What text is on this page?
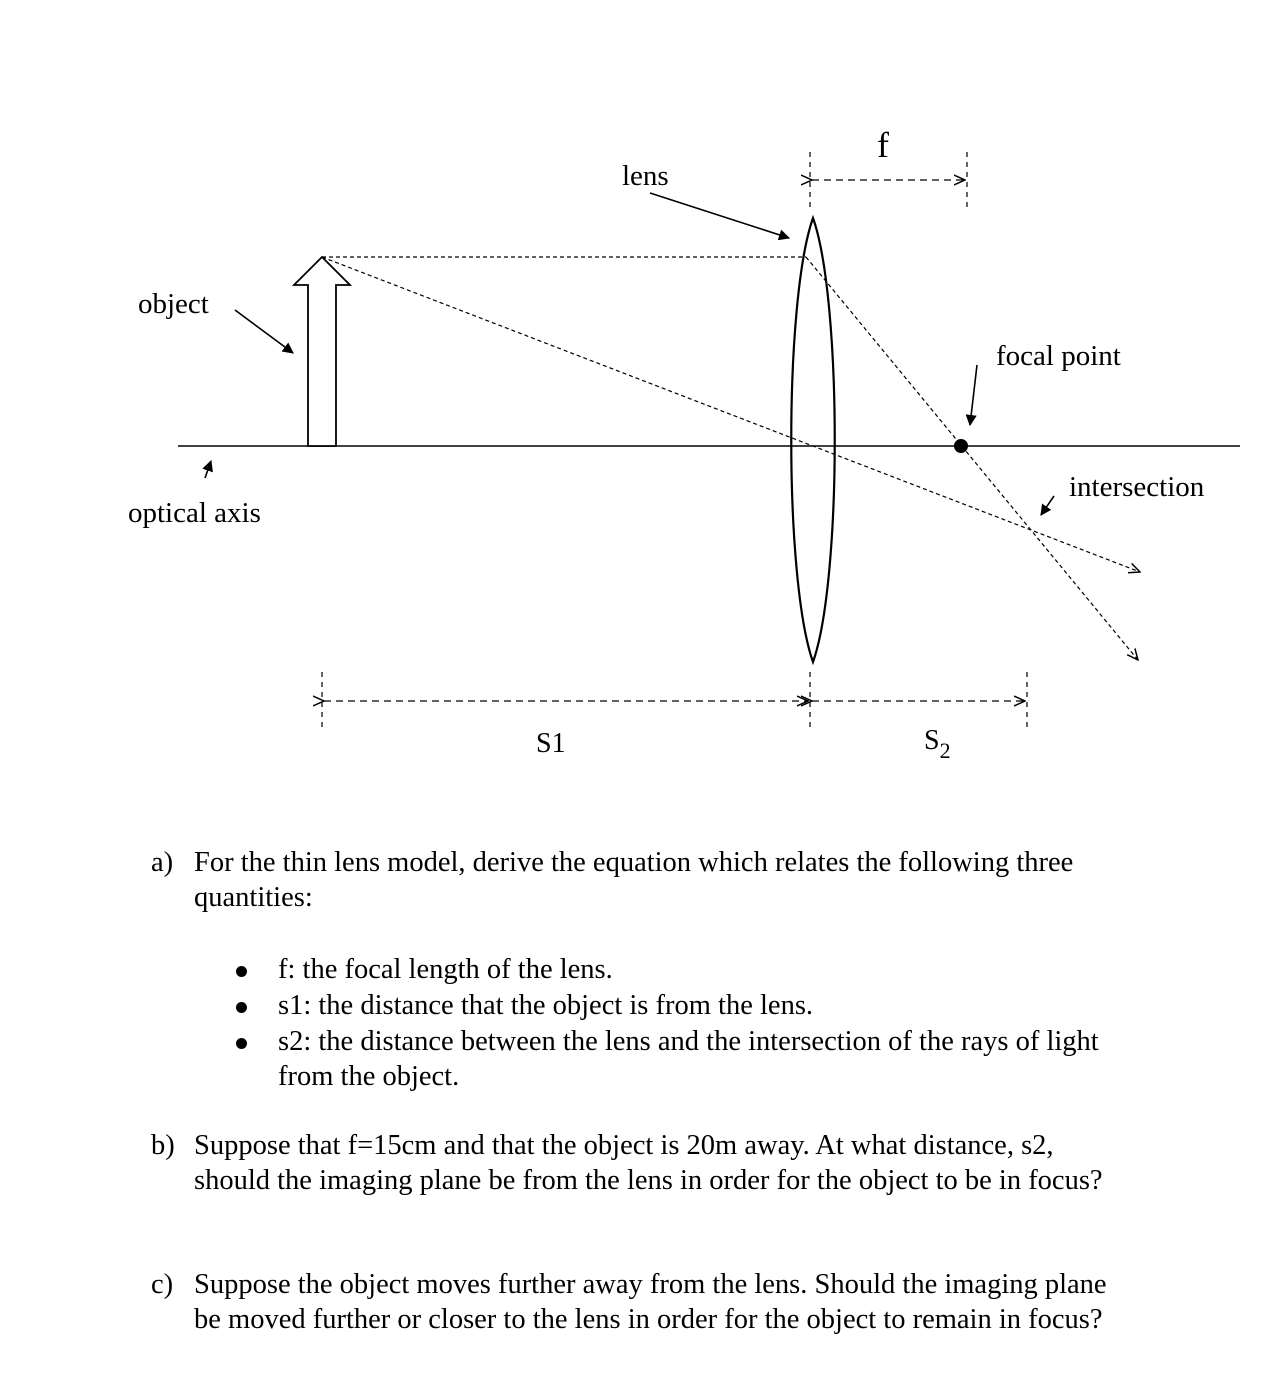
lens
f
object
focal point
optical axis
intersection
S1	$S_2$
a) For the thin lens model, derive the equation which relates the following three quantities:
f: the focal length of the lens.
s1: the distance that the object is from the lens.
s2: the distance between the lens and the intersection of the rays of light from the object.
b) Suppose that f=15cm and that the object is 20m away. At what distance, s2, should the imaging plane be from the lens in order for the object to be in focus?
c) Suppose the object moves further away from the lens. Should the imaging plane be moved further or closer to the lens in order for the object to remain in focus?
